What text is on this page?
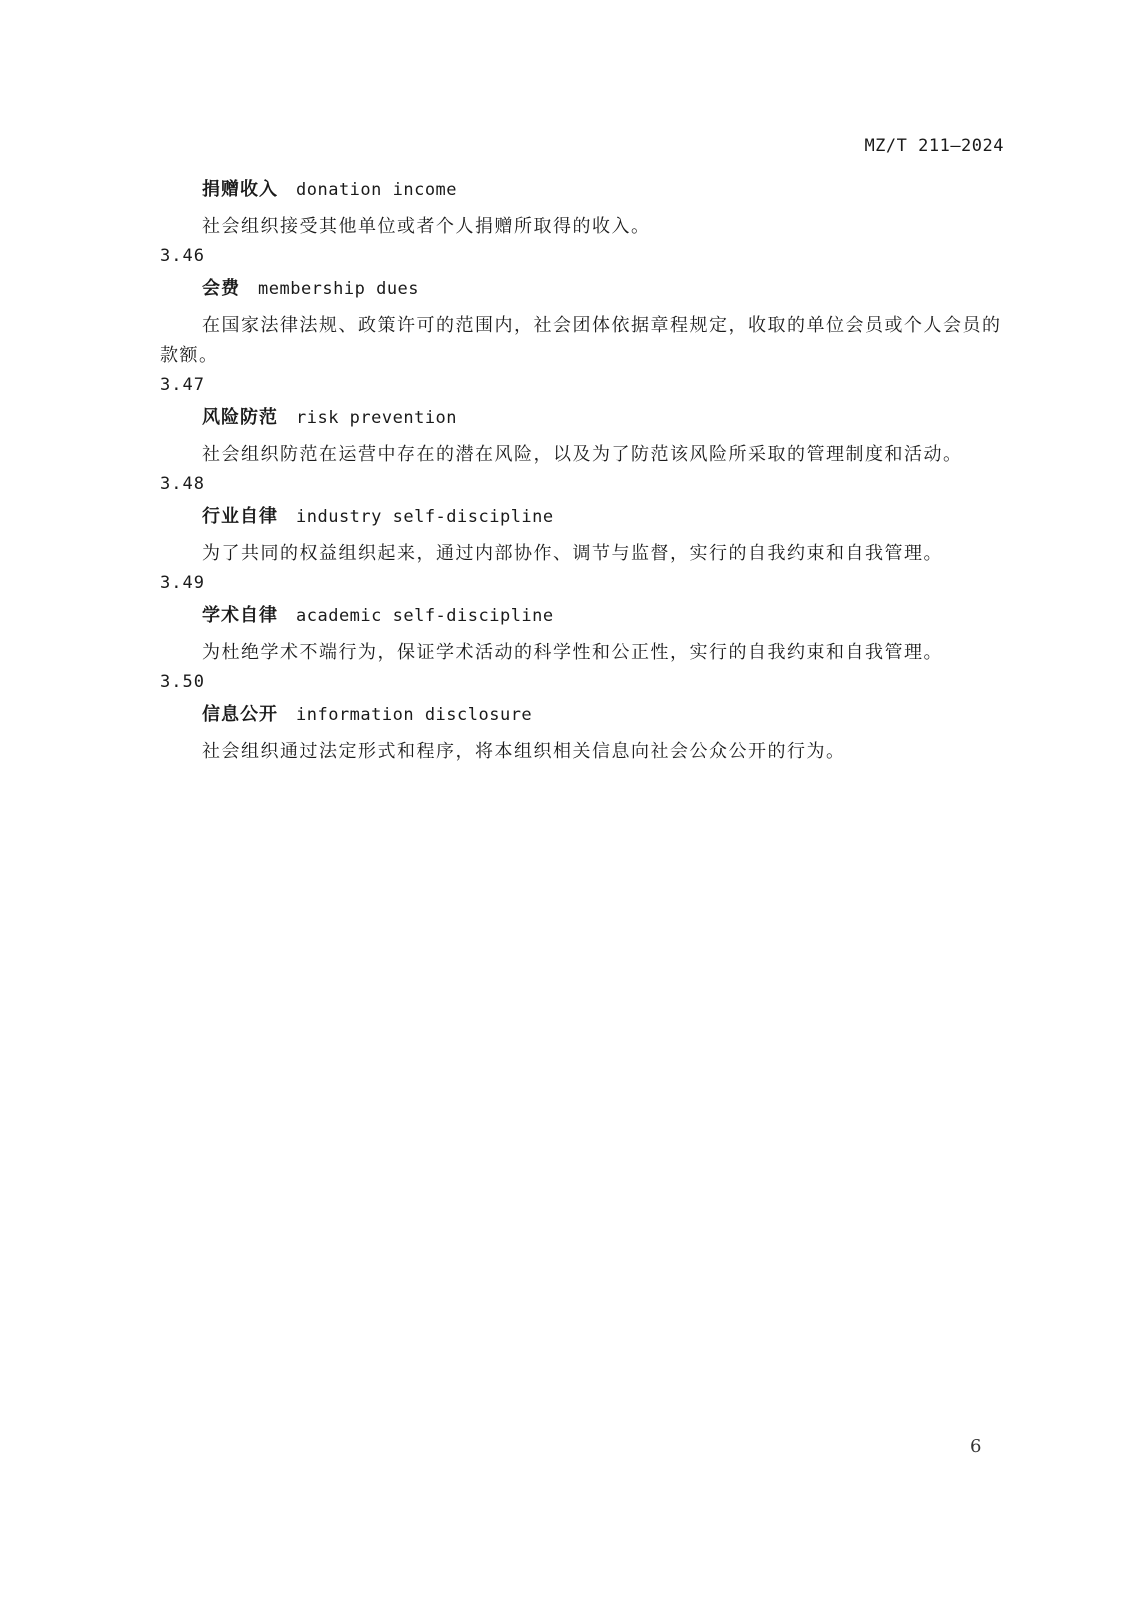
MZ/T 211—2024
捐赠收入 donation income

社会组织接受其他单位或者个人捐赠所取得的收入。

3.46
会费 membership dues

在国家法律法规、政策许可的范围内，社会团体依据章程规定，收取的单位会员或个人会员的款额。

3.47
风险防范 risk prevention

社会组织防范在运营中存在的潜在风险，以及为了防范该风险所采取的管理制度和活动。

3.48
行业自律 industry self-discipline

为了共同的权益组织起来，通过内部协作、调节与监督，实行的自我约束和自我管理。

3.49
学术自律 academic self-discipline

为杜绝学术不端行为，保证学术活动的科学性和公正性，实行的自我约束和自我管理。

3.50
信息公开 information disclosure

社会组织通过法定形式和程序，将本组织相关信息向社会公众公开的行为。

6
